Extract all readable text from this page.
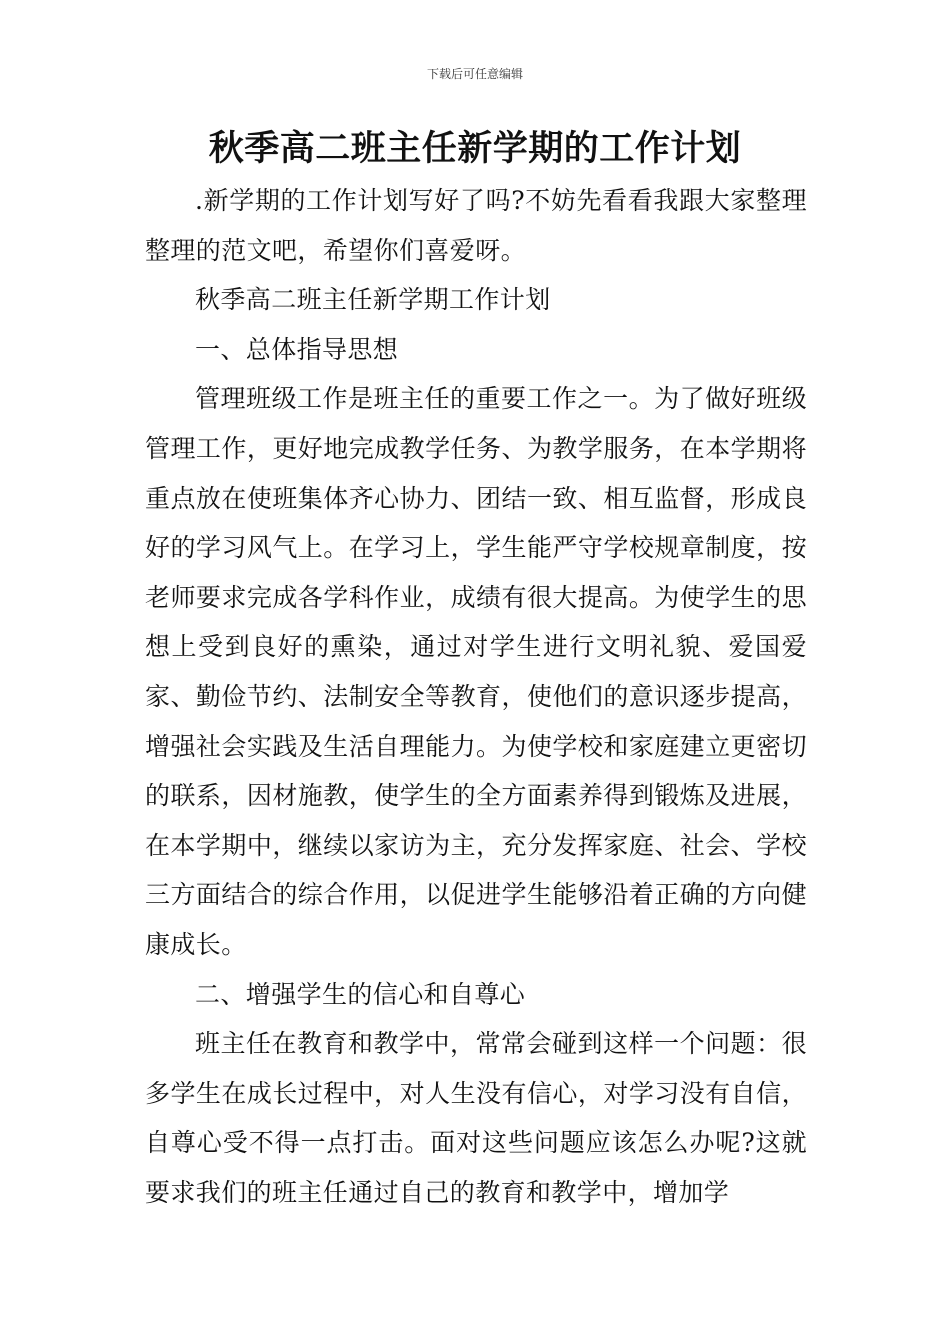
下载后可任意编辑
秋季高二班主任新学期的工作计划

.新学期的工作计划写好了吗?不妨先看看我跟大家整理整理的范文吧，希望你们喜爱呀。

秋季高二班主任新学期工作计划

一、总体指导思想

管理班级工作是班主任的重要工作之一。为了做好班级管理工作，更好地完成教学任务、为教学服务，在本学期将重点放在使班集体齐心协力、团结一致、相互监督，形成良好的学习风气上。在学习上，学生能严守学校规章制度，按老师要求完成各学科作业，成绩有很大提高。为使学生的思想上受到良好的熏染，通过对学生进行文明礼貌、爱国爱家、勤俭节约、法制安全等教育，使他们的意识逐步提高，增强社会实践及生活自理能力。为使学校和家庭建立更密切的联系，因材施教，使学生的全方面素养得到锻炼及进展，在本学期中，继续以家访为主，充分发挥家庭、社会、学校三方面结合的综合作用，以促进学生能够沿着正确的方向健康成长。

二、增强学生的信心和自尊心

班主任在教育和教学中，常常会碰到这样一个问题：很多学生在成长过程中，对人生没有信心，对学习没有自信，自尊心受不得一点打击。面对这些问题应该怎么办呢?这就要求我们的班主任通过自己的教育和教学中，增加学
